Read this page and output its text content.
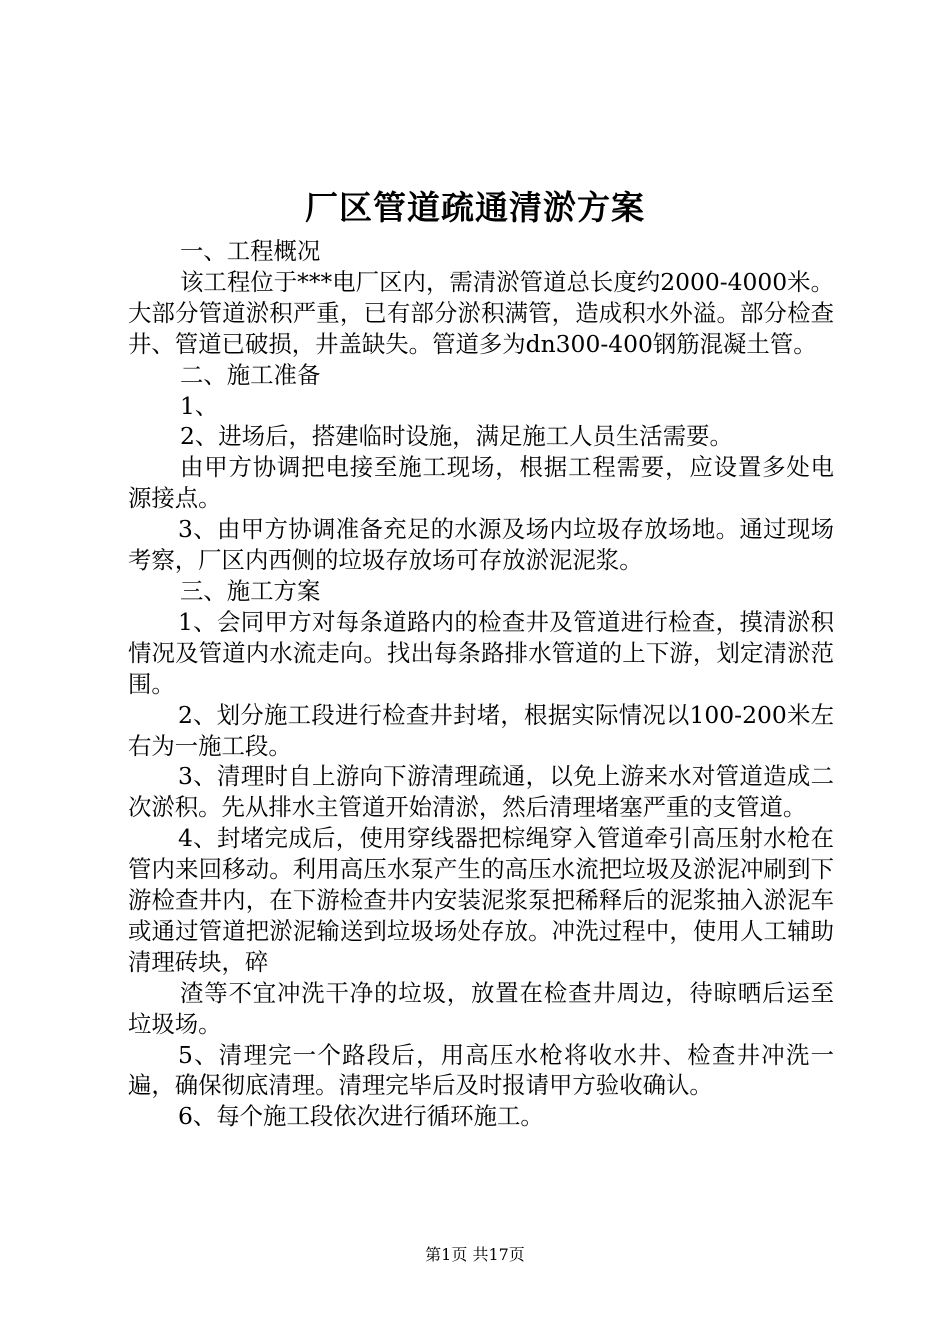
厂区管道疏通清淤方案

一、工程概况

该工程位于***电厂区内，需清淤管道总长度约2000-4000米。大部分管道淤积严重，已有部分淤积满管，造成积水外溢。部分检查井、管道已破损，井盖缺失。管道多为dn300-400钢筋混凝土管。

二、施工准备

1、

2、进场后，搭建临时设施，满足施工人员生活需要。

由甲方协调把电接至施工现场，根据工程需要，应设置多处电源接点。

3、由甲方协调准备充足的水源及场内垃圾存放场地。通过现场考察，厂区内西侧的垃圾存放场可存放淤泥泥浆。

三、施工方案

1、会同甲方对每条道路内的检查井及管道进行检查，摸清淤积情况及管道内水流走向。找出每条路排水管道的上下游，划定清淤范围。

2、划分施工段进行检查井封堵，根据实际情况以100-200米左右为一施工段。

3、清理时自上游向下游清理疏通，以免上游来水对管道造成二次淤积。先从排水主管道开始清淤，然后清理堵塞严重的支管道。

4、封堵完成后，使用穿线器把棕绳穿入管道牵引高压射水枪在管内来回移动。利用高压水泵产生的高压水流把垃圾及淤泥冲刷到下游检查井内，在下游检查井内安装泥浆泵把稀释后的泥浆抽入淤泥车或通过管道把淤泥输送到垃圾场处存放。冲洗过程中，使用人工辅助清理砖块，碎

渣等不宜冲洗干净的垃圾，放置在检查井周边，待晾晒后运至垃圾场。

5、清理完一个路段后，用高压水枪将收水井、检查井冲洗一遍，确保彻底清理。清理完毕后及时报请甲方验收确认。

6、每个施工段依次进行循环施工。

第1页 共17页
